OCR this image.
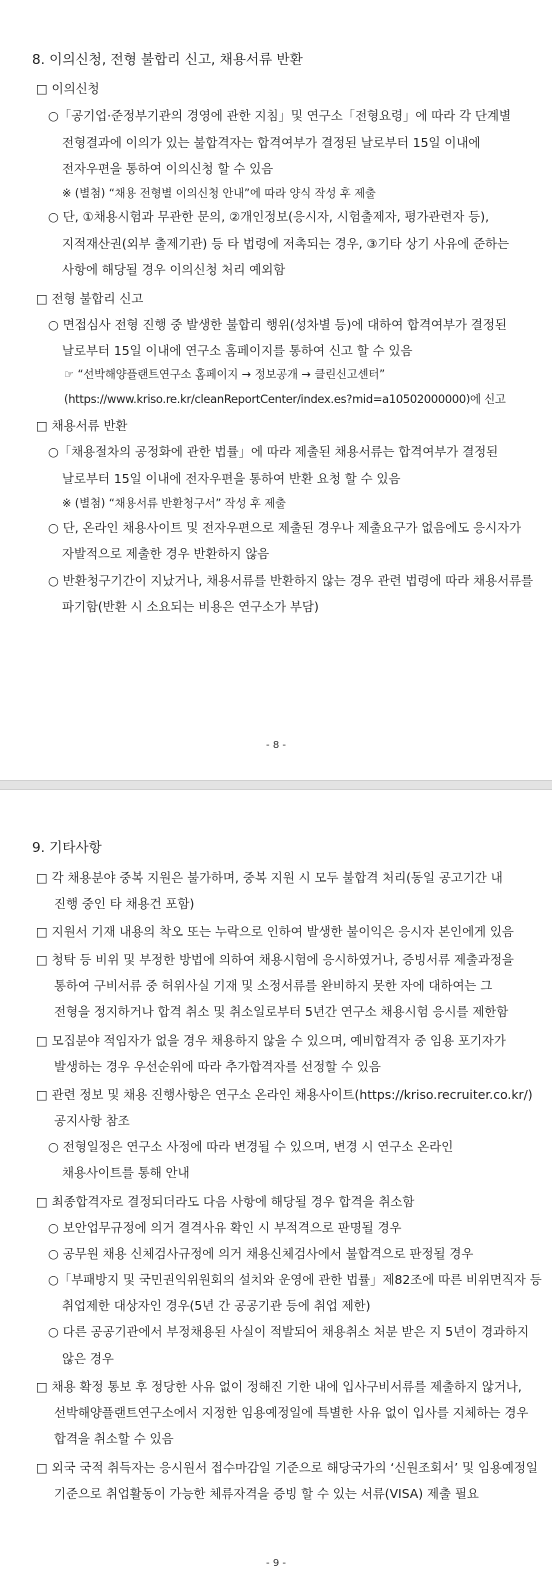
8. 이의신청, 전형 불합리 신고, 채용서류 반환
□ 이의신청
○「공기업·준정부기관의 경영에 관한 지침」및 연구소「전형요령」에 따라 각 단계별
전형결과에 이의가 있는 불합격자는 합격여부가 결정된 날로부터 15일 이내에
전자우편을 통하여 이의신청 할 수 있음
※ (별첨) “채용 전형별 이의신청 안내”에 따라 양식 작성 후 제출
○ 단, ①채용시험과 무관한 문의, ②개인정보(응시자, 시험출제자, 평가관련자 등),
지적재산권(외부 출제기관) 등 타 법령에 저촉되는 경우, ③기타 상기 사유에 준하는
사항에 해당될 경우 이의신청 처리 예외함
□ 전형 불합리 신고
○ 면접심사 전형 진행 중 발생한 불합리 행위(성차별 등)에 대하여 합격여부가 결정된
날로부터 15일 이내에 연구소 홈페이지를 통하여 신고 할 수 있음
☞ “선박해양플랜트연구소 홈페이지 → 정보공개 → 클린신고센터”
(https://www.kriso.re.kr/cleanReportCenter/index.es?mid=a10502000000)에 신고
□ 채용서류 반환
○「채용절차의 공정화에 관한 법률」에 따라 제출된 채용서류는 합격여부가 결정된
날로부터 15일 이내에 전자우편을 통하여 반환 요청 할 수 있음
※ (별첨) “채용서류 반환청구서” 작성 후 제출
○ 단, 온라인 채용사이트 및 전자우편으로 제출된 경우나 제출요구가 없음에도 응시자가
자발적으로 제출한 경우 반환하지 않음
○ 반환청구기간이 지났거나, 채용서류를 반환하지 않는 경우 관련 법령에 따라 채용서류를
파기함(반환 시 소요되는 비용은 연구소가 부담)
- 8 -
9. 기타사항
□ 각 채용분야 중복 지원은 불가하며, 중복 지원 시 모두 불합격 처리(동일 공고기간 내
진행 중인 타 채용건 포함)
□ 지원서 기재 내용의 착오 또는 누락으로 인하여 발생한 불이익은 응시자 본인에게 있음
□ 청탁 등 비위 및 부정한 방법에 의하여 채용시험에 응시하였거나, 증빙서류 제출과정을
통하여 구비서류 중 허위사실 기재 및 소정서류를 완비하지 못한 자에 대하여는 그
전형을 정지하거나 합격 취소 및 취소일로부터 5년간 연구소 채용시험 응시를 제한함
□ 모집분야 적임자가 없을 경우 채용하지 않을 수 있으며, 예비합격자 중 임용 포기자가
발생하는 경우 우선순위에 따라 추가합격자를 선정할 수 있음
□ 관련 정보 및 채용 진행사항은 연구소 온라인 채용사이트(https://kriso.recruiter.co.kr/)
공지사항 참조
○ 전형일정은 연구소 사정에 따라 변경될 수 있으며, 변경 시 연구소 온라인
채용사이트를 통해 안내
□ 최종합격자로 결정되더라도 다음 사항에 해당될 경우 합격을 취소함
○ 보안업무규정에 의거 결격사유 확인 시 부적격으로 판명될 경우
○ 공무원 채용 신체검사규정에 의거 채용신체검사에서 불합격으로 판정될 경우
○「부패방지 및 국민권익위원회의 설치와 운영에 관한 법률」제82조에 따른 비위면직자 등
취업제한 대상자인 경우(5년 간 공공기관 등에 취업 제한)
○ 다른 공공기관에서 부정채용된 사실이 적발되어 채용취소 처분 받은 지 5년이 경과하지
않은 경우
□ 채용 확정 통보 후 정당한 사유 없이 정해진 기한 내에 입사구비서류를 제출하지 않거나,
선박해양플랜트연구소에서 지정한 임용예정일에 특별한 사유 없이 입사를 지체하는 경우
합격을 취소할 수 있음
□ 외국 국적 취득자는 응시원서 접수마감일 기준으로 해당국가의 ‘신원조회서’ 및 임용예정일
기준으로 취업활동이 가능한 체류자격을 증빙 할 수 있는 서류(VISA) 제출 필요
- 9 -
